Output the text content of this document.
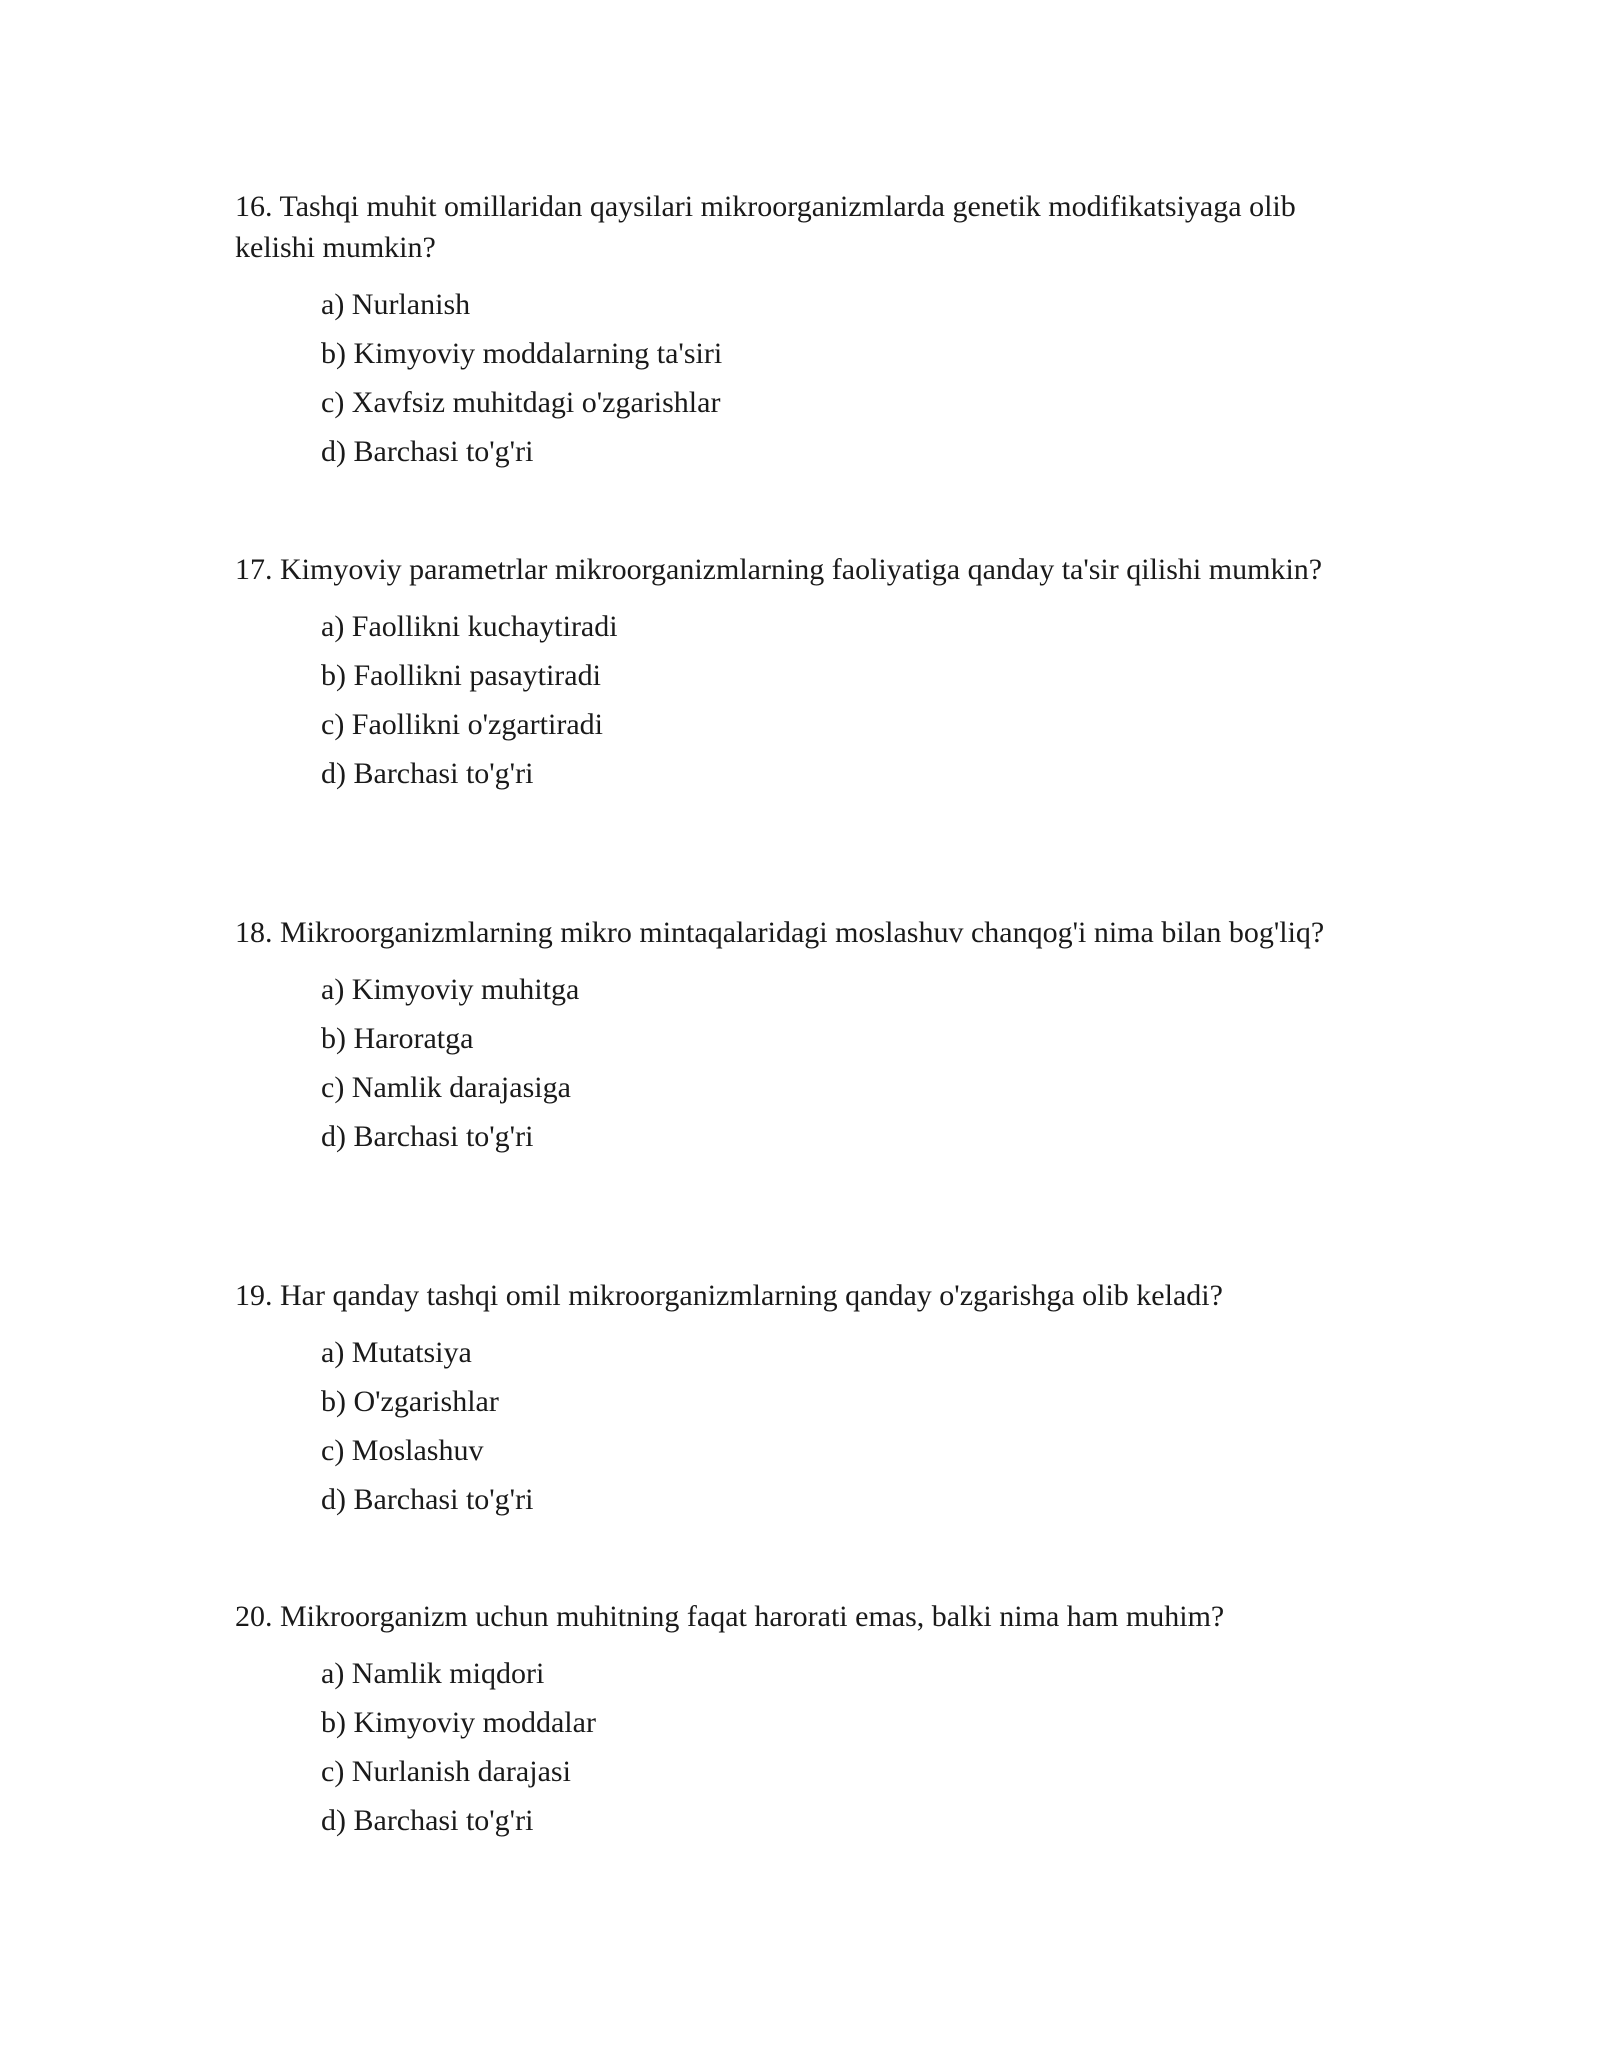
16. Tashqi muhit omillaridan qaysilari mikroorganizmlarda genetik modifikatsiyaga olib kelishi mumkin?

a) Nurlanish
b) Kimyoviy moddalarning ta'siri
c) Xavfsiz muhitdagi o'zgarishlar
d) Barchasi to'g'ri

17. Kimyoviy parametrlar mikroorganizmlarning faoliyatiga qanday ta'sir qilishi mumkin?

a) Faollikni kuchaytiradi
b) Faollikni pasaytiradi
c) Faollikni o'zgartiradi
d) Barchasi to'g'ri

18. Mikroorganizmlarning mikro mintaqalaridagi moslashuv chanqog'i nima bilan bog'liq?

a) Kimyoviy muhitga
b) Haroratga
c) Namlik darajasiga
d) Barchasi to'g'ri

19. Har qanday tashqi omil mikroorganizmlarning qanday o'zgarishga olib keladi?

a) Mutatsiya
b) O'zgarishlar
c) Moslashuv
d) Barchasi to'g'ri

20. Mikroorganizm uchun muhitning faqat harorati emas, balki nima ham muhim?

a) Namlik miqdori
b) Kimyoviy moddalar
c) Nurlanish darajasi
d) Barchasi to'g'ri
